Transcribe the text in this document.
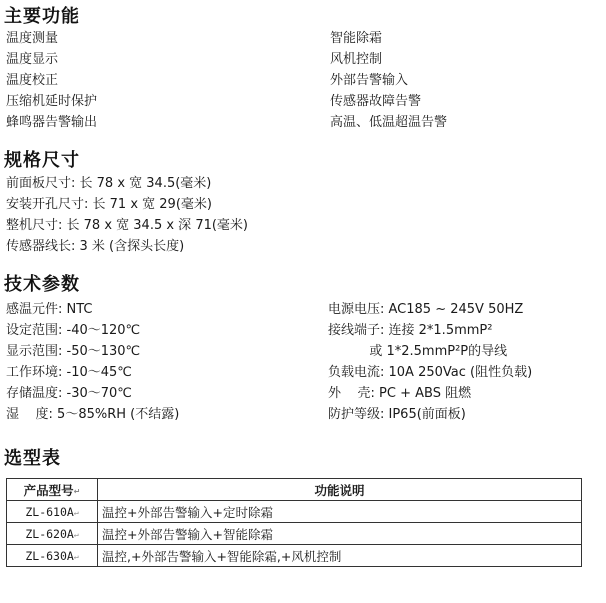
主要功能
温度测量
温度显示
温度校正
压缩机延时保护
蜂鸣器告警输出
智能除霜
风机控制
外部告警输入
传感器故障告警
高温、低温超温告警
规格尺寸
前面板尺寸: 长 78 x 宽 34.5(毫米)
安装开孔尺寸: 长 71 x 宽 29(毫米)
整机尺寸: 长 78 x 宽 34.5 x 深 71(毫米)
传感器线长: 3 米 (含探头长度)
技术参数
感温元件: NTC
设定范围: -40～120℃
显示范围: -50～130℃
工作环境: -10～45℃
存储温度: -30～70℃
湿    度: 5～85%RH (不结露)
电源电压: AC185 ~ 245V 50HZ
接线端子: 连接 2*1.5mmP²
或 1*2.5mmP²P的导线
负载电流: 10A 250Vac (阻性负载)
外    壳: PC + ABS 阻燃
防护等级: IP65(前面板)
选型表
产品型号↵	功能说明
ZL-610A↵	温控+外部告警输入+定时除霜
ZL-620A↵	温控+外部告警输入+智能除霜
ZL-630A↵	温控,+外部告警输入+智能除霜,+风机控制
